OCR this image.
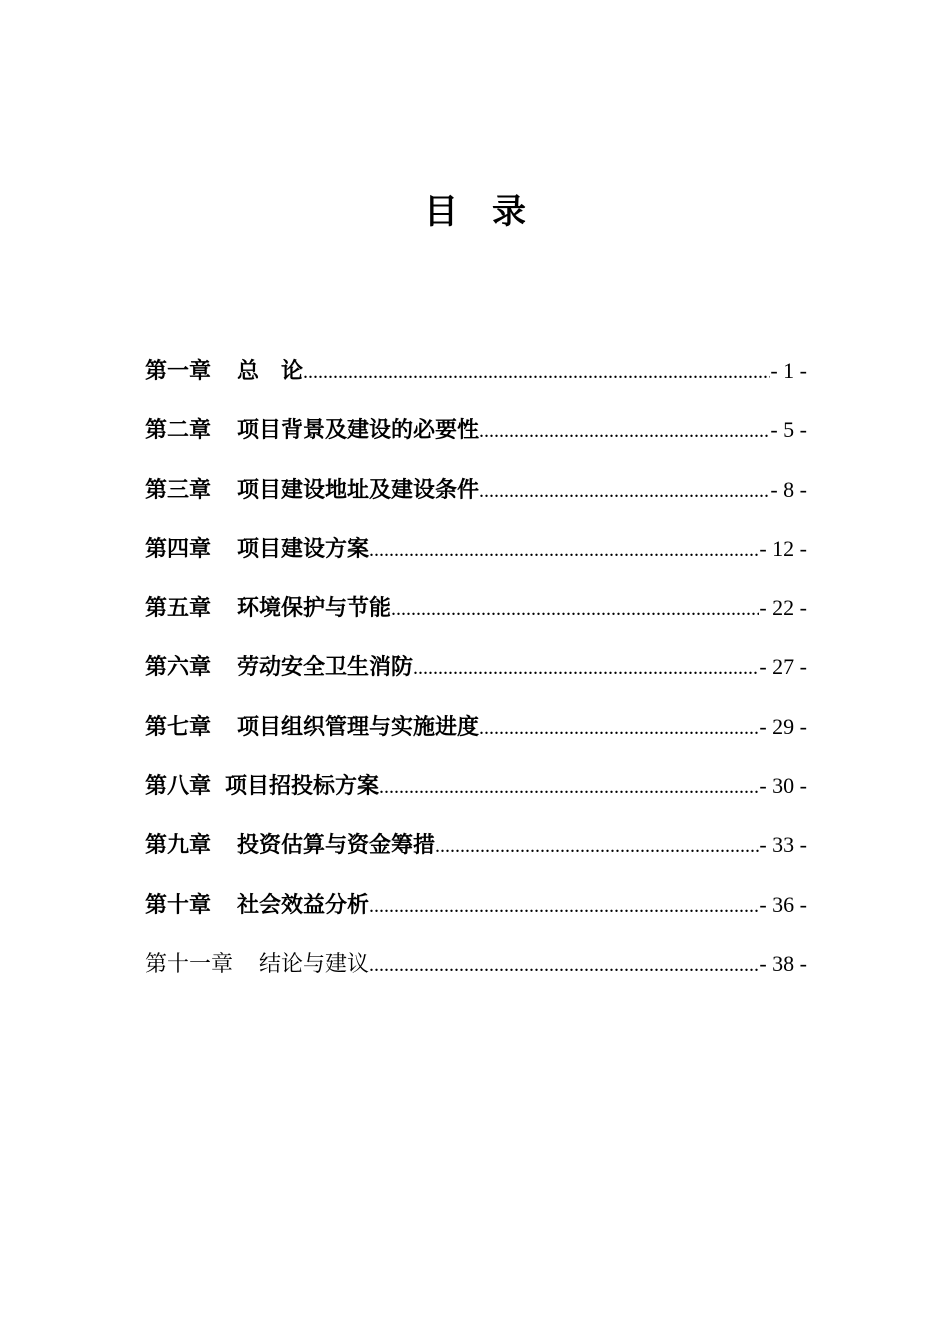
目录
第一章 总　论 .....	- 1 -
第二章 项目背景及建设的必要性 .....	- 5 -
第三章 项目建设地址及建设条件 .....	- 8 -
第四章 项目建设方案 .....	- 12 -
第五章 环境保护与节能 .....	- 22 -
第六章 劳动安全卫生消防 .....	- 27 -
第七章 项目组织管理与实施进度 .....	- 29 -
第八章 项目招投标方案 .....	- 30 -
第九章 投资估算与资金筹措 .....	- 33 -
第十章 社会效益分析 .....	- 36 -
第十一章 结论与建议 .....	- 38 -
